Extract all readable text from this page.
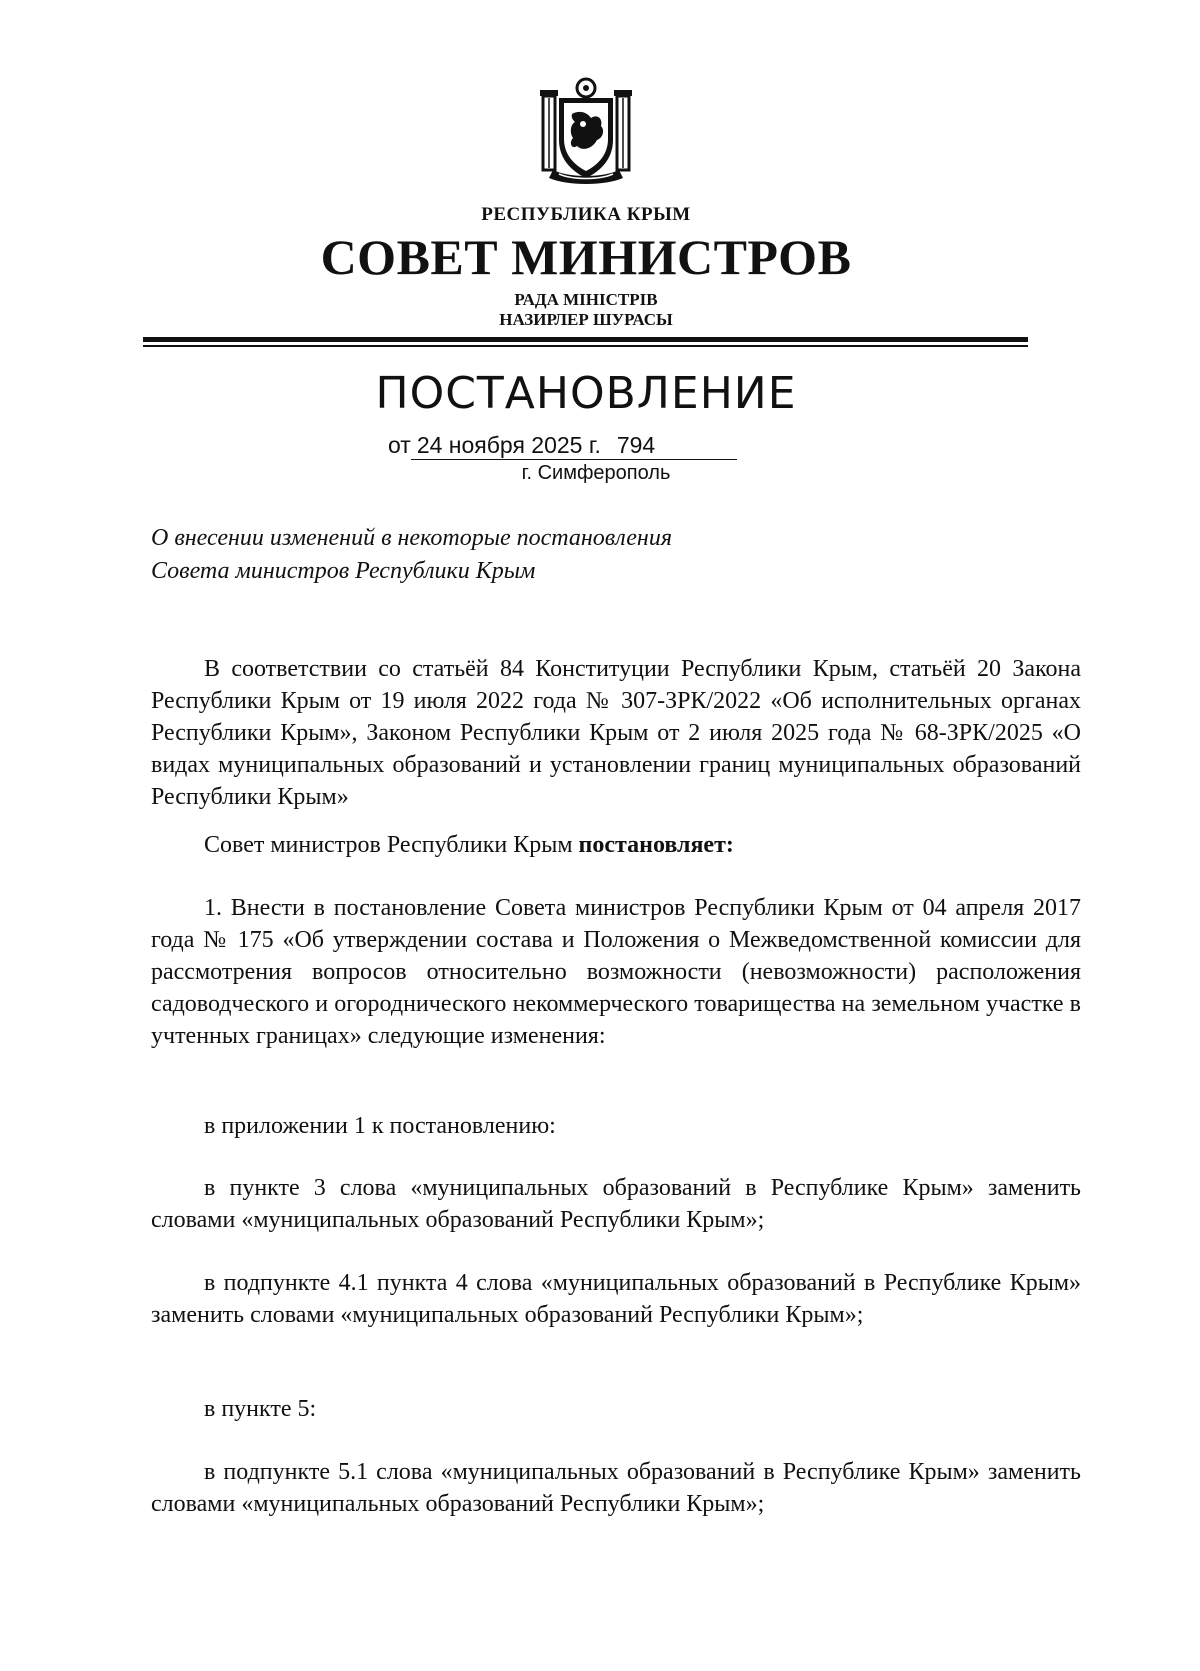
РЕСПУБЛИКА КРЫМ
СОВЕТ МИНИСТРОВ
РАДА МІНІСТРІВ
НАЗИРЛЕР ШУРАСЫ
ПОСТАНОВЛЕНИЕ
от 24 ноября 2025 г. 794
г. Симферополь
О внесении изменений в некоторые постановления
Совета министров Республики Крым
В соответствии со статьёй 84 Конституции Республики Крым, статьёй 20 Закона Республики Крым от 19 июля 2022 года № 307-ЗРК/2022 «Об исполнительных органах Республики Крым», Законом Республики Крым от 2 июля 2025 года № 68-ЗРК/2025 «О видах муниципальных образований и установлении границ муниципальных образований Республики Крым»
Совет министров Республики Крым постановляет:
1. Внести в постановление Совета министров Республики Крым от 04 апреля 2017 года № 175 «Об утверждении состава и Положения о Межведомственной комиссии для рассмотрения вопросов относительно возможности (невозможности) расположения садоводческого и огороднического некоммерческого товарищества на земельном участке в учтенных границах» следующие изменения:
в приложении 1 к постановлению:
в пункте 3 слова «муниципальных образований в Республике Крым» заменить словами «муниципальных образований Республики Крым»;
в подпункте 4.1 пункта 4 слова «муниципальных образований в Республике Крым» заменить словами «муниципальных образований Республики Крым»;
в пункте 5:
в подпункте 5.1 слова «муниципальных образований в Республике Крым» заменить словами «муниципальных образований Республики Крым»;
